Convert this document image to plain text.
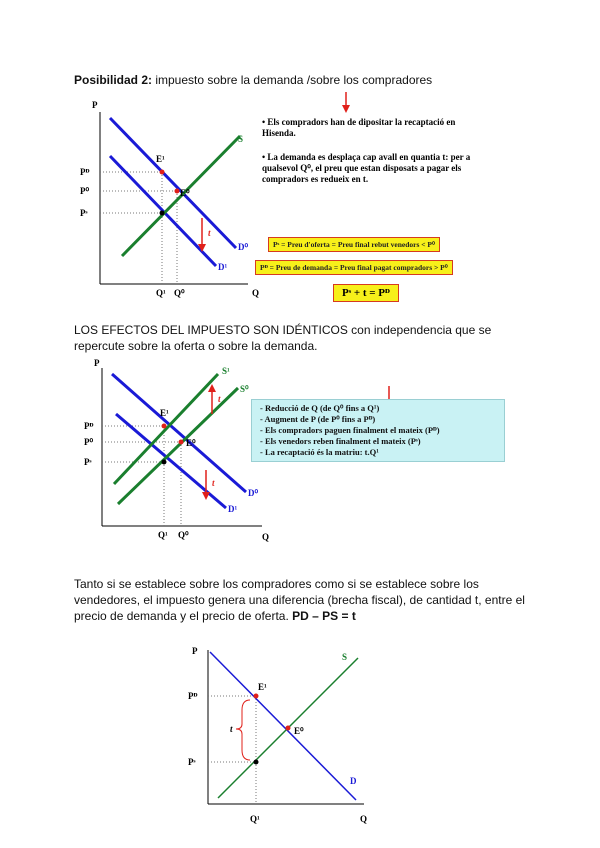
Posibilidad 2: impuesto sobre la demanda /sobre los compradores
P
Q
t
E¹
E⁰
S
D⁰
D¹
Pᴰ
P⁰
Pˢ
Q¹ Q⁰
• Els compradors han de dipositar la recaptació en Hisenda.
• La demanda es desplaça cap avall en quantia t: per a qualsevol Q⁰, el preu que estan disposats a pagar els compradors es redueix en t.
Pˢ = Preu d'oferta = Preu final rebut venedors < P⁰
Pᴰ = Preu de demanda = Preu final pagat compradors > P⁰
Pˢ + t = Pᴰ
LOS EFECTOS DEL IMPUESTO SON IDÉNTICOS con independencia que se repercute sobre la oferta o sobre la demanda.
P
Q
t
t
E¹
E⁰
S¹
S⁰
D⁰
D¹
Pᴰ
P⁰
Pˢ
Q¹ Q⁰
- Reducció de Q (de Q⁰ fins a Q¹)
- Augment de P (de P⁰ fins a Pᴰ)
- Els compradors paguen finalment el mateix (Pᴰ)
- Els venedors reben finalment el mateix (Pˢ)
- La recaptació és la matriu: t.Q¹
Tanto si se establece sobre los compradores como si se establece sobre los vendedores, el impuesto genera una diferencia (brecha fiscal), de cantidad t, entre el precio de demanda y el precio de oferta. PD – PS = t
P
Q
t
E¹
E⁰
S
D
Pᴰ
Pˢ
Q¹
